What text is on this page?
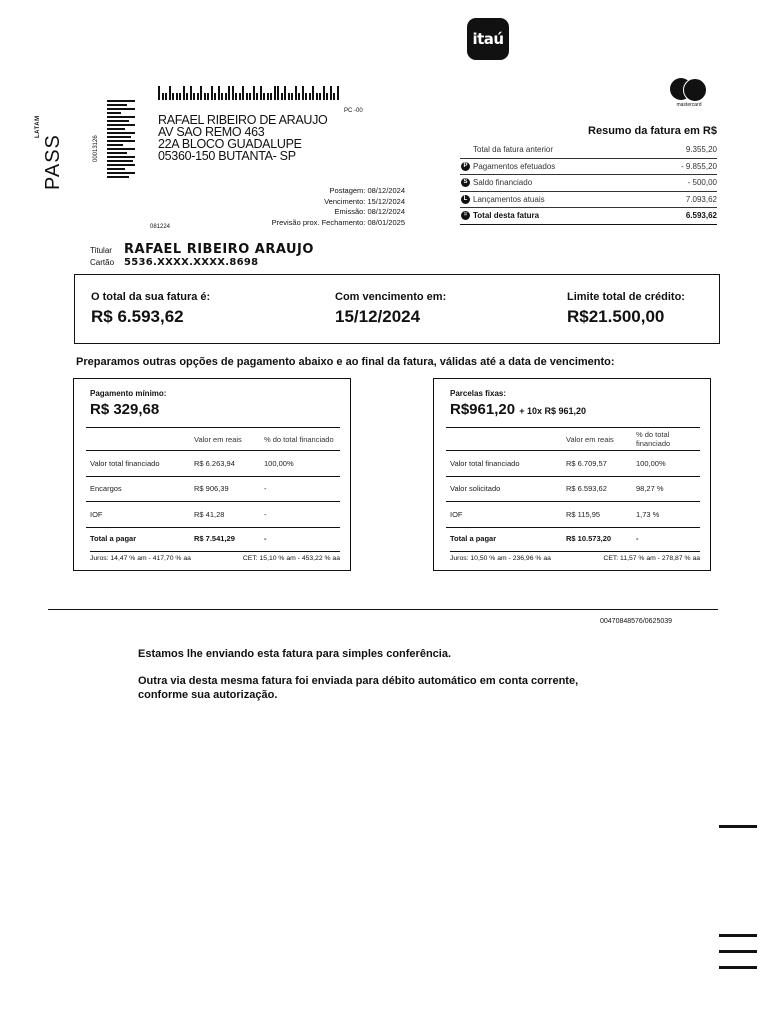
itaú
LATAM
PASS	00013126
PC -00
RAFAEL RIBEIRO DE ARAUJO
AV SAO REMO 463
22A BLOCO GUADALUPE
05360-150 BUTANTA- SP
Postagem: 08/12/2024
Vencimento: 15/12/2024
Emissão: 08/12/2024
Previsão prox. Fechamento: 08/01/2025
081224
mastercard
Resumo da fatura em R$
Total da fatura anterior	9.355,20
P Pagamentos efetuados	- 9.855,20
S Saldo financiado	- 500,00
L Lançamentos atuais	7.093,62
= Total desta fatura	6.593,62
Titular RAFAEL RIBEIRO ARAUJO
Cartão 5536.XXXX.XXXX.8698
O total da sua fatura é:
R$ 6.593,62
Com vencimento em:
15/12/2024
Limite total de crédito:
R$21.500,00
Preparamos outras opções de pagamento abaixo e ao final da fatura, válidas até a data de vencimento:
Pagamento mínimo:
R$ 329,68
	Valor em reais	% do total financiado
Valor total financiado	R$ 6.263,94	100,00%
Encargos	R$ 906,39	-
IOF	R$ 41,28	-
Total a pagar	R$ 7.541,29	-
Juros: 14,47 % am - 417,70 % aa	CET: 15,10 % am - 453,22 % aa
Parcelas fixas:
R$961,20 + 10x R$ 961,20
	Valor em reais	% do total financiado
Valor total financiado	R$ 6.709,57	100,00%
Valor solicitado	R$ 6.593,62	98,27 %
IOF	R$ 115,95	1,73 %
Total a pagar	R$ 10.573,20	-
Juros: 10,50 % am - 236,96 % aa	CET: 11,57 % am - 278,87 % aa
00470848576/0625039
Estamos lhe enviando esta fatura para simples conferência.
Outra via desta mesma fatura foi enviada para débito automático em conta corrente,
conforme sua autorização.
